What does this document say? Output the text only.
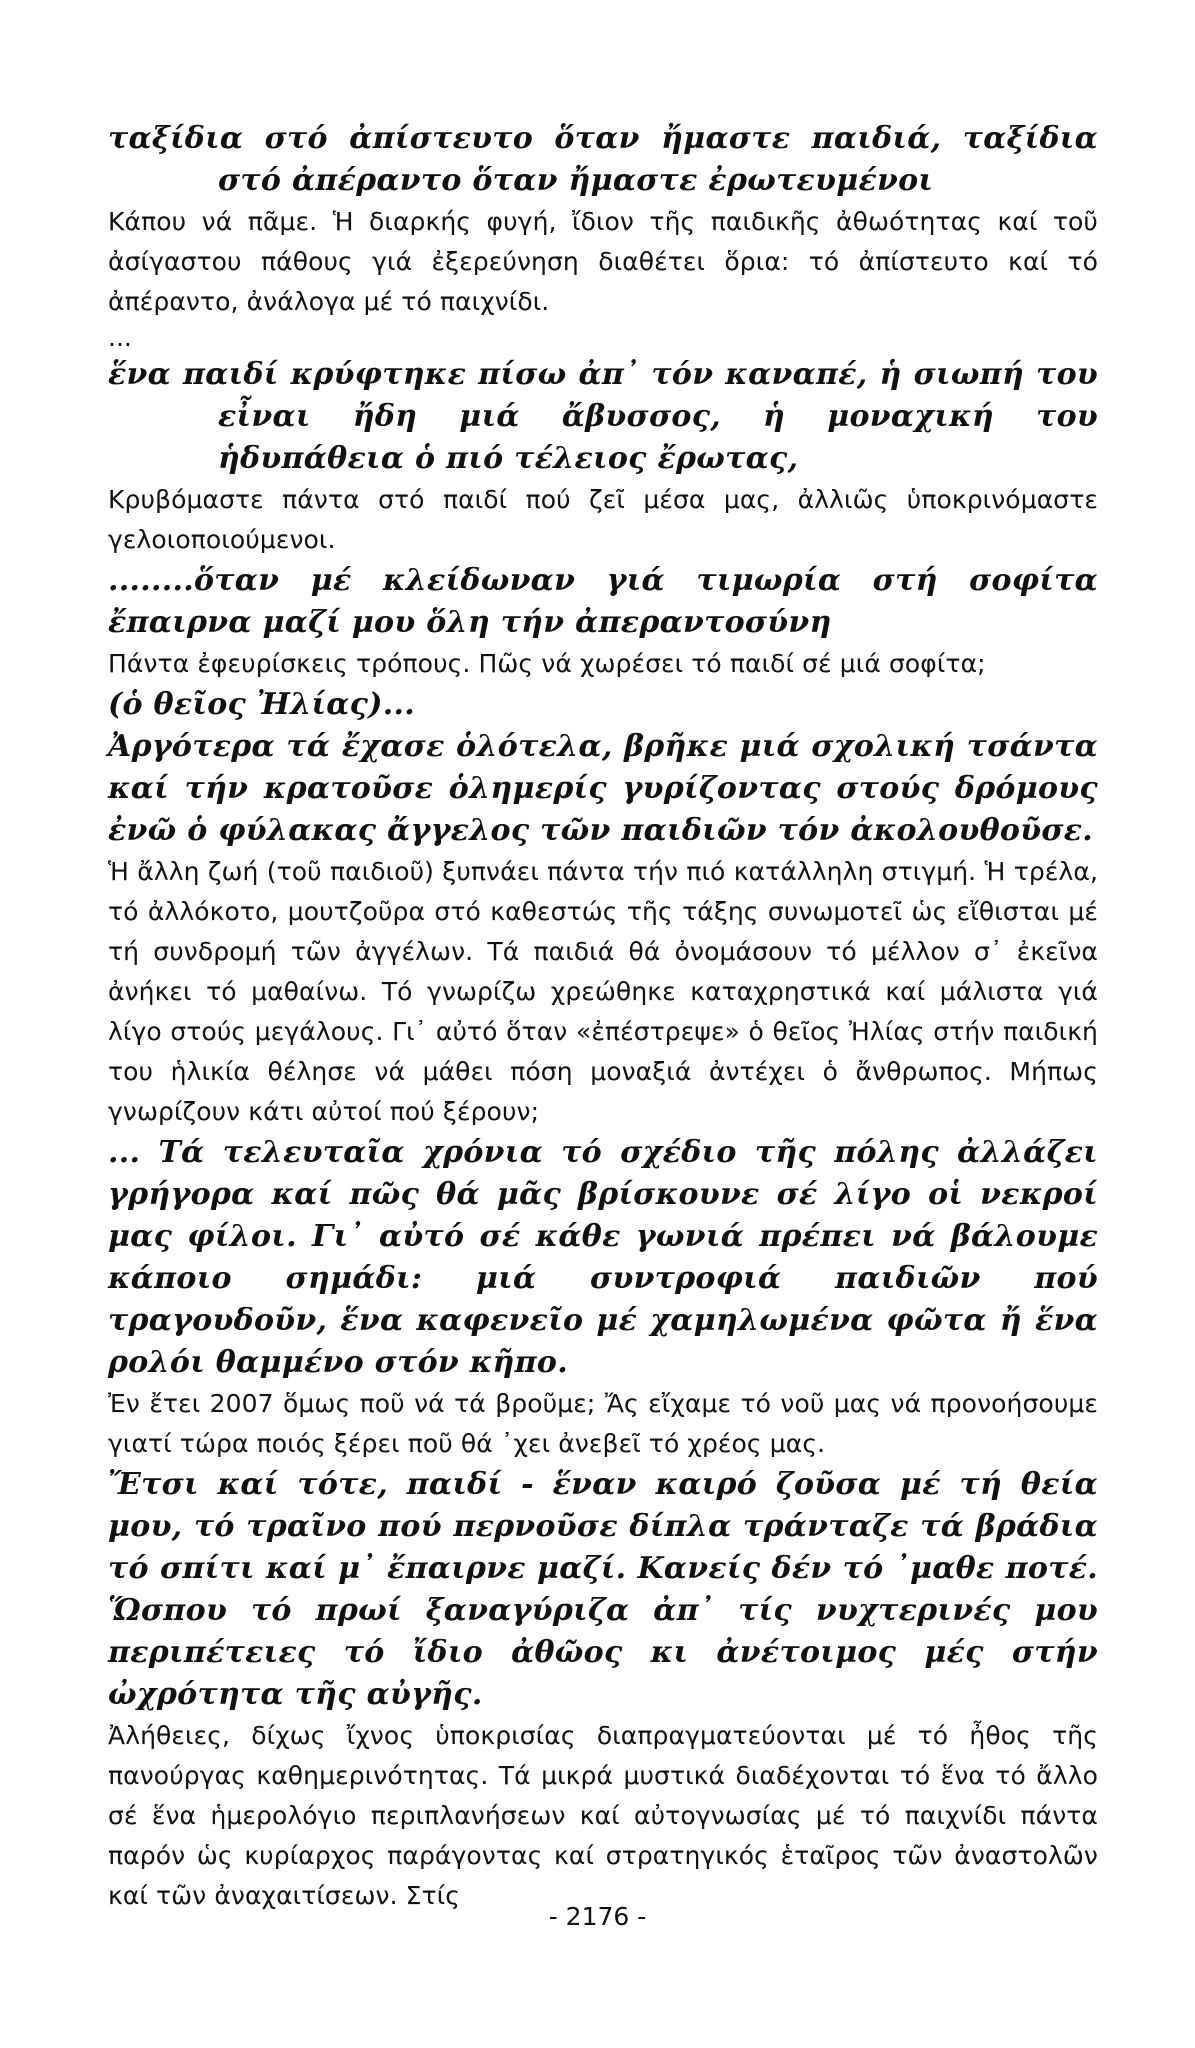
ταξίδια στό ἀπίστευτο ὅταν ἤμαστε παιδιά, ταξίδια στό ἀπέραντο ὅταν ἤμαστε ἐρωτευμένοι

Κάπου νά πᾶμε. Ἡ διαρκής φυγή, ἴδιον τῆς παιδικῆς ἀθωότητας καί τοῦ ἀσίγαστου πάθους γιά ἐξερεύνηση διαθέτει ὅρια: τό ἀπίστευτο καί τό ἀπέραντο, ἀνάλογα μέ τό παιχνίδι.

...

ἕνα παιδί κρύφτηκε πίσω ἀπ᾽ τόν καναπέ, ἡ σιωπή του εἶναι ἤδη μιά ἄβυσσος, ἡ μοναχική του ἡδυπάθεια ὁ πιό τέλειος ἔρωτας,

Κρυβόμαστε πάντα στό παιδί πού ζεῖ μέσα μας, ἀλλιῶς ὑποκρινόμαστε γελοιοποιούμενοι.

........ὅταν μέ κλείδωναν γιά τιμωρία στή σοφίτα ἔπαιρνα μαζί μου ὅλη τήν ἀπεραντοσύνη

Πάντα ἐφευρίσκεις τρόπους. Πῶς νά χωρέσει τό παιδί σέ μιά σοφίτα;

(ὁ θεῖος Ἠλίας)...

Ἀργότερα τά ἔχασε ὁλότελα, βρῆκε μιά σχολική τσάντα καί τήν κρατοῦσε ὁλημερίς γυρίζοντας στούς δρόμους ἐνῶ ὁ φύλακας ἄγγελος τῶν παιδιῶν τόν ἀκολουθοῦσε.

Ἡ ἄλλη ζωή (τοῦ παιδιοῦ) ξυπνάει πάντα τήν πιό κατάλληλη στιγμή. Ἡ τρέλα, τό ἀλλόκοτο, μουτζοῦρα στό καθεστώς τῆς τάξης συνωμοτεῖ ὡς εἴθισται μέ τή συνδρομή τῶν ἀγγέλων. Τά παιδιά θά ὀνομάσουν τό μέλλον σ᾽ ἐκεῖνα ἀνήκει τό μαθαίνω. Τό γνωρίζω χρεώθηκε καταχρηστικά καί μάλιστα γιά λίγο στούς μεγάλους. Γι᾽ αὐτό ὅταν «ἐπέστρεψε» ὁ θεῖος Ἠλίας στήν παιδική του ἡλικία θέλησε νά μάθει πόση μοναξιά ἀντέχει ὁ ἄνθρωπος. Μήπως γνωρίζουν κάτι αὐτοί πού ξέρουν;

... Τά τελευταῖα χρόνια τό σχέδιο τῆς πόλης ἀλλάζει γρήγορα καί πῶς θά μᾶς βρίσκουνε σέ λίγο οἱ νεκροί μας φίλοι. Γι᾽ αὐτό σέ κάθε γωνιά πρέπει νά βάλουμε κάποιο σημάδι: μιά συντροφιά παιδιῶν πού τραγουδοῦν, ἕνα καφενεῖο μέ χαμηλωμένα φῶτα ἤ ἕνα ρολόι θαμμένο στόν κῆπο.

Ἐν ἔτει 2007 ὅμως ποῦ νά τά βροῦμε; Ἄς εἴχαμε τό νοῦ μας νά προνοήσουμε γιατί τώρα ποιός ξέρει ποῦ θά ᾽χει ἀνεβεῖ τό χρέος μας.

Ἔτσι καί τότε, παιδί - ἕναν καιρό ζοῦσα μέ τή θεία μου, τό τραῖνο πού περνοῦσε δίπλα τράνταζε τά βράδια τό σπίτι καί μ᾽ ἔπαιρνε μαζί. Κανείς δέν τό ᾽μαθε ποτέ. Ὥσπου τό πρωί ξαναγύριζα ἀπ᾽ τίς νυχτερινές μου περιπέτειες τό ἴδιο ἀθῶος κι ἀνέτοιμος μές στήν ὠχρότητα τῆς αὐγῆς.

Ἀλήθειες, δίχως ἴχνος ὑποκρισίας διαπραγματεύονται μέ τό ἦθος τῆς πανούργας καθημερινότητας. Τά μικρά μυστικά διαδέχονται τό ἕνα τό ἄλλο σέ ἕνα ἡμερολόγιο περιπλανήσεων καί αὐτογνωσίας μέ τό παιχνίδι πάντα παρόν ὡς κυρίαρχος παράγοντας καί στρατηγικός ἑταῖρος τῶν ἀναστολῶν καί τῶν ἀναχαιτίσεων. Στίς

- 2176 -
